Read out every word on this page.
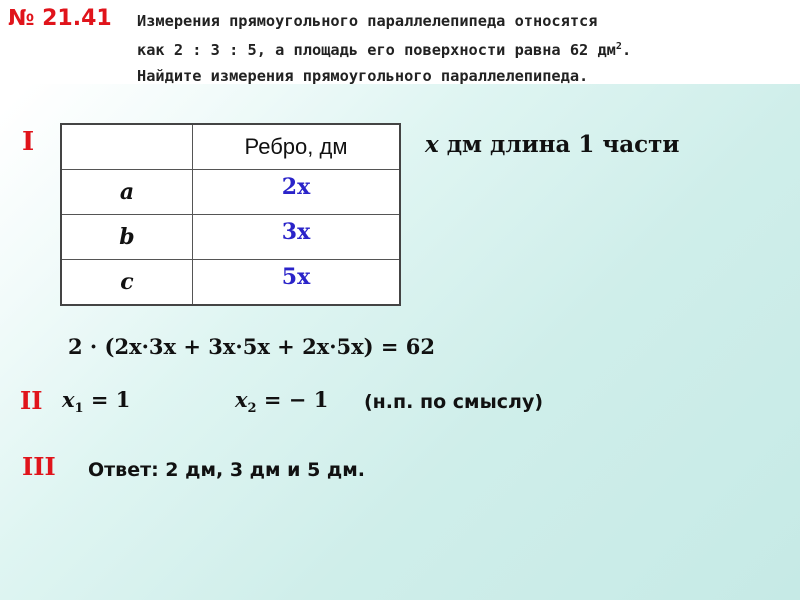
№ 21.41 Измерения прямоугольного параллелепипеда относятся
как 2 : 3 : 5, а площадь его поверхности равна 62 $дм^2$.
Найдите измерения прямоугольного параллелепипеда.
I
		Ребро, дм
a	2x
b	3x
c	5x
x дм длина 1 части
2 · (2x·3x + 3x·5x + 2x·5x) = 62
II $x_1 = 1$	$x_2$ = − 1 (н.п. по смыслу)
III Ответ: 2 дм, 3 дм и 5 дм.
